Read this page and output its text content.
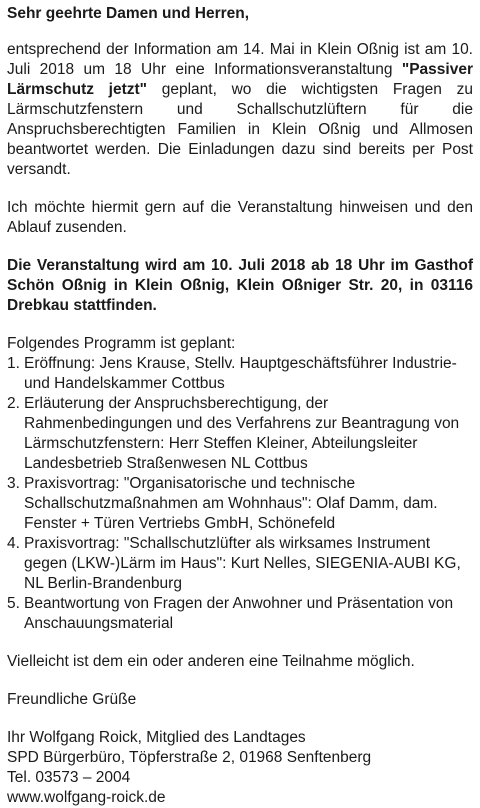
Sehr geehrte Damen und Herren,

entsprechend der Information am 14. Mai in Klein Oßnig ist am 10. Juli 2018 um 18 Uhr eine Informationsveranstaltung "Passiver Lärmschutz jetzt" geplant, wo die wichtigsten Fragen zu Lärmschutzfenstern und Schallschutzlüftern für die Anspruchsberechtigten Familien in Klein Oßnig und Allmosen beantwortet werden. Die Einladungen dazu sind bereits per Post versandt.

Ich möchte hiermit gern auf die Veranstaltung hinweisen und den Ablauf zusenden.

Die Veranstaltung wird am 10. Juli 2018 ab 18 Uhr im Gasthof Schön Oßnig in Klein Oßnig, Klein Oßniger Str. 20, in 03116 Drebkau stattfinden.

Folgendes Programm ist geplant:

1. Eröffnung: Jens Krause, Stellv. Hauptgeschäftsführer Industrie- und Handelskammer Cottbus
2. Erläuterung der Anspruchsberechtigung, der Rahmenbedingungen und des Verfahrens zur Beantragung von Lärmschutzfenstern: Herr Steffen Kleiner, Abteilungsleiter Landesbetrieb Straßenwesen NL Cottbus
3. Praxisvortrag: "Organisatorische und technische Schallschutzmaßnahmen am Wohnhaus": Olaf Damm, dam. Fenster + Türen Vertriebs GmbH, Schönefeld
4. Praxisvortrag: "Schallschutzlüfter als wirksames Instrument gegen (LKW-)Lärm im Haus": Kurt Nelles, SIEGENIA-AUBI KG, NL Berlin-Brandenburg
5. Beantwortung von Fragen der Anwohner und Präsentation von Anschauungsmaterial

Vielleicht ist dem ein oder anderen eine Teilnahme möglich.

Freundliche Grüße

Ihr Wolfgang Roick, Mitglied des Landtages

SPD Bürgerbüro, Töpferstraße 2, 01968 Senftenberg

Tel. 03573 – 2004

www.wolfgang-roick.de
